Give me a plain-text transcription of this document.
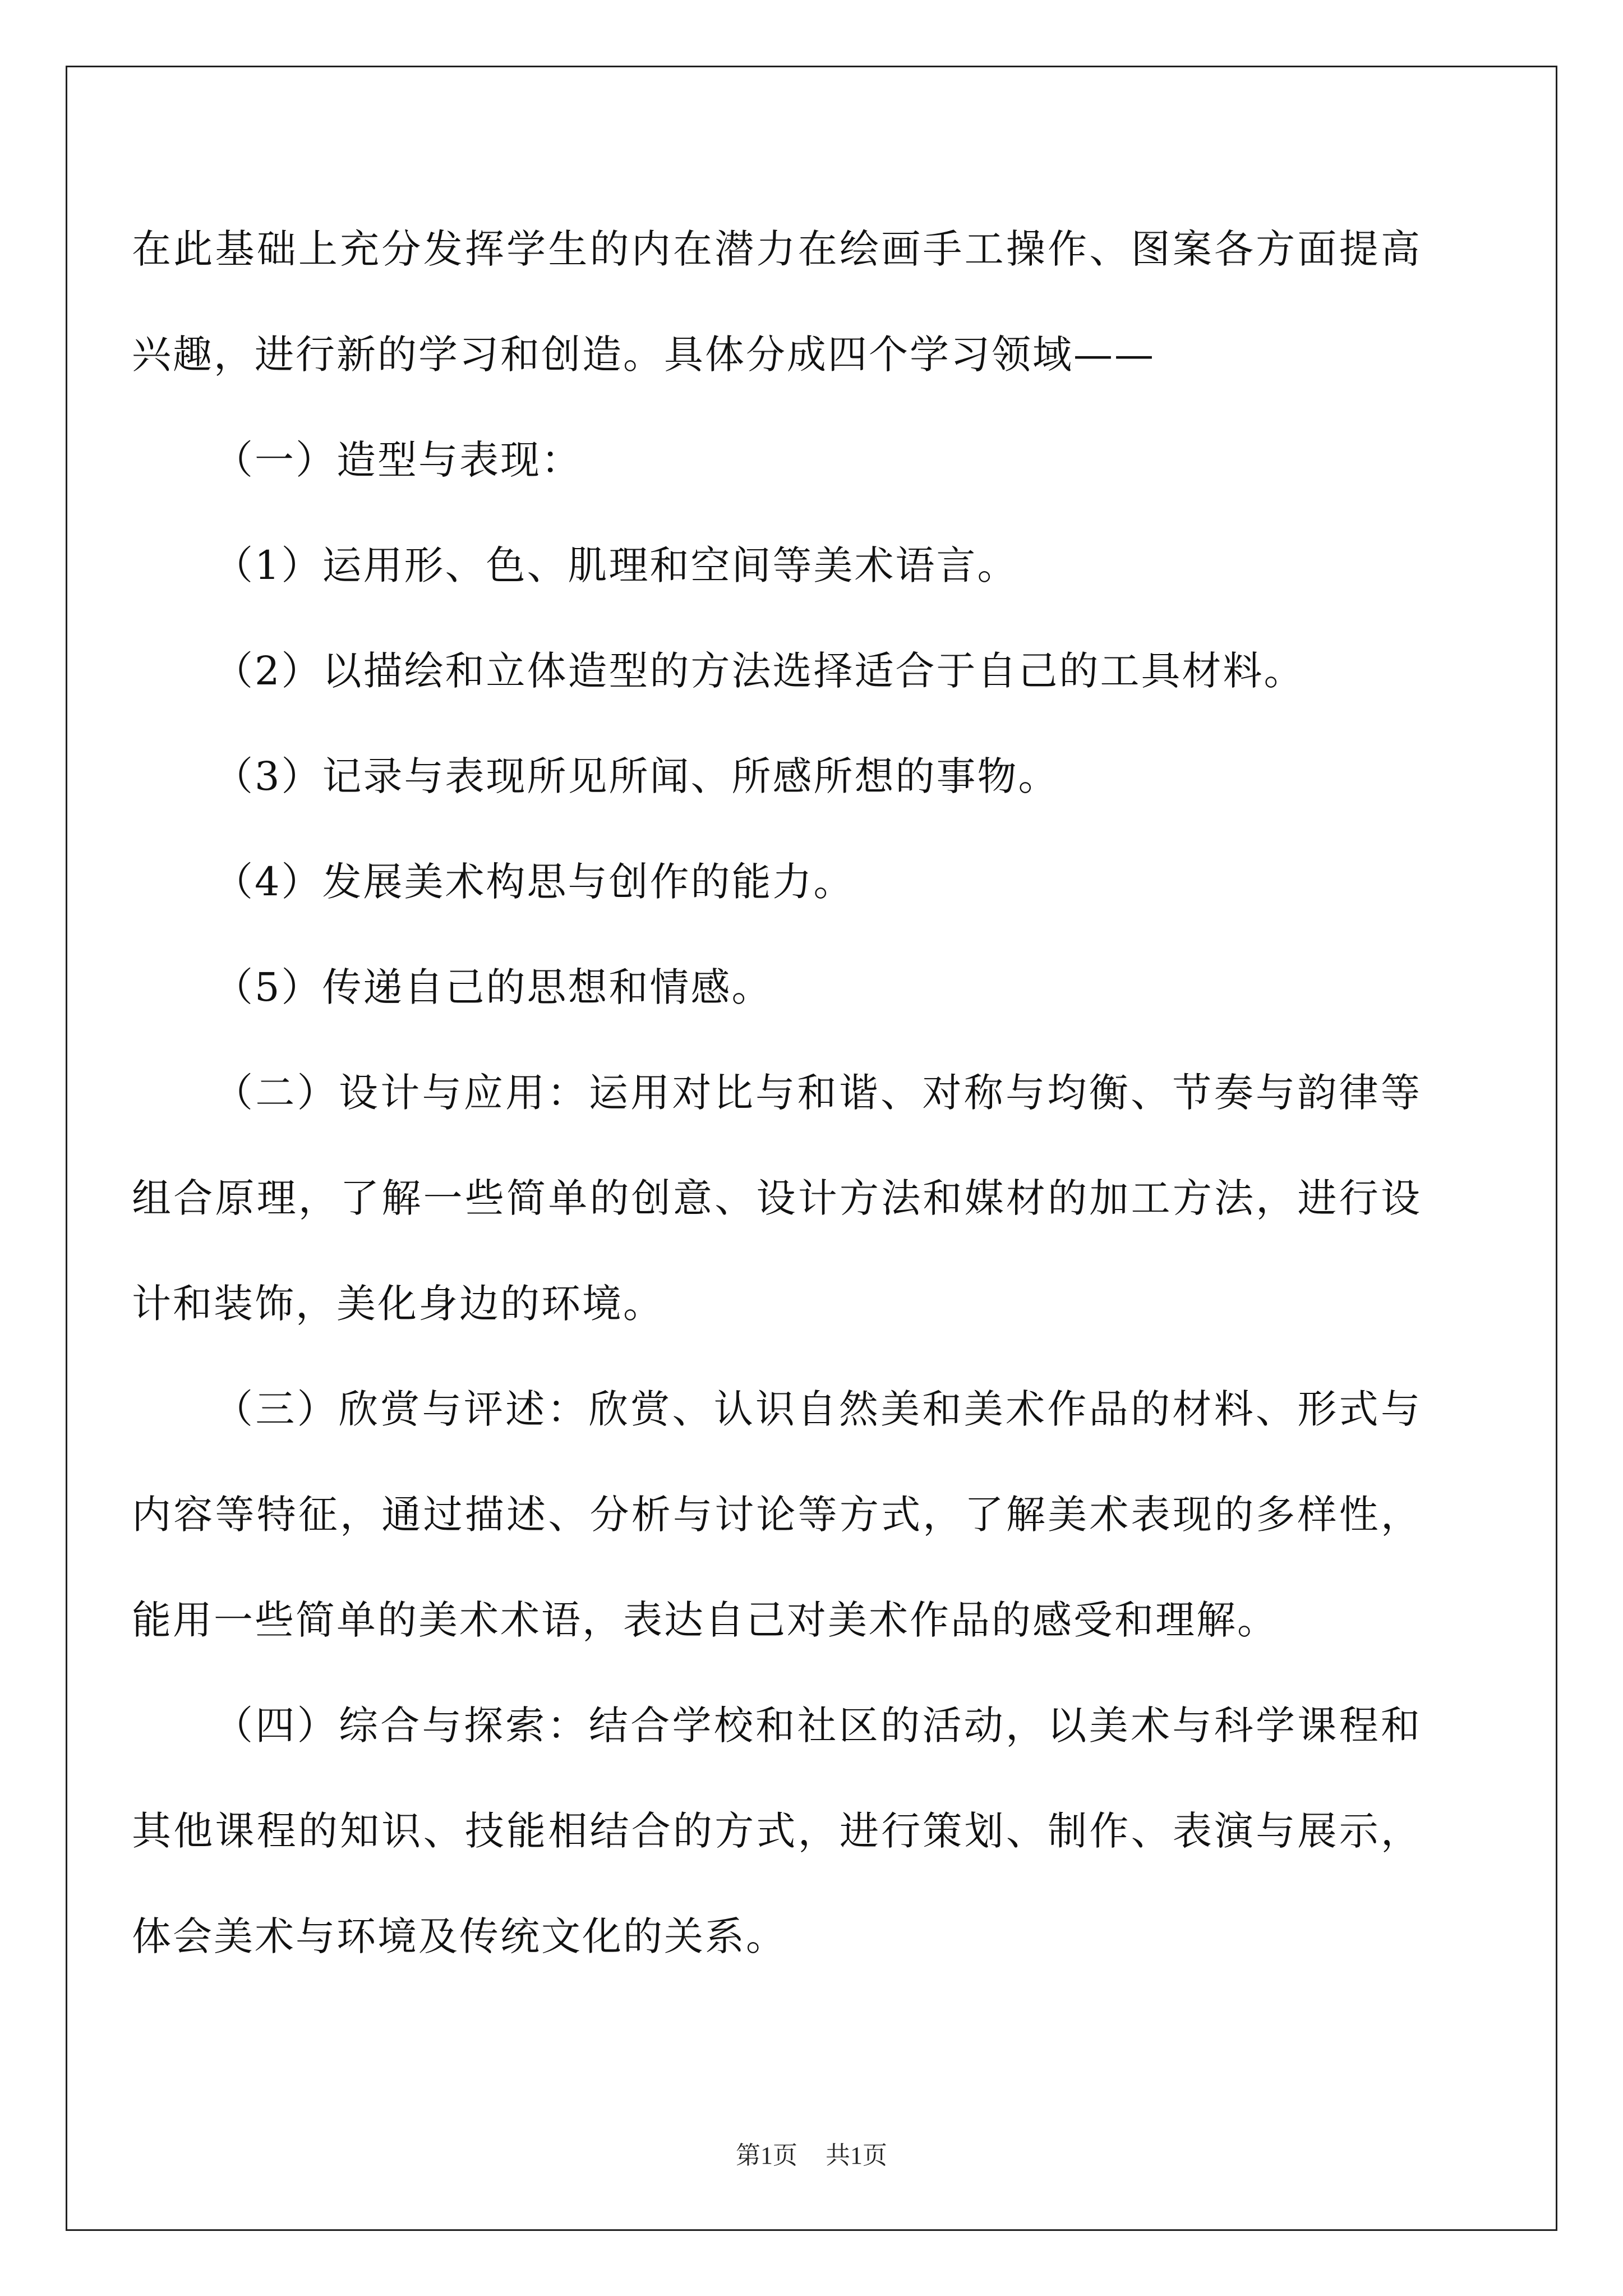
在此基础上充分发挥学生的内在潜力在绘画手工操作、图案各方面提高兴趣，进行新的学习和创造。具体分成四个学习领域——

（一）造型与表现：

（1）运用形、色、肌理和空间等美术语言。

（2）以描绘和立体造型的方法选择适合于自己的工具材料。

（3）记录与表现所见所闻、所感所想的事物。

（4）发展美术构思与创作的能力。

（5）传递自己的思想和情感。

（二）设计与应用：运用对比与和谐、对称与均衡、节奏与韵律等组合原理，了解一些简单的创意、设计方法和媒材的加工方法，进行设计和装饰，美化身边的环境。

（三）欣赏与评述：欣赏、认识自然美和美术作品的材料、形式与内容等特征，通过描述、分析与讨论等方式，了解美术表现的多样性，能用一些简单的美术术语，表达自己对美术作品的感受和理解。

（四）综合与探索：结合学校和社区的活动，以美术与科学课程和其他课程的知识、技能相结合的方式，进行策划、制作、表演与展示，体会美术与环境及传统文化的关系。

第1页 共1页
